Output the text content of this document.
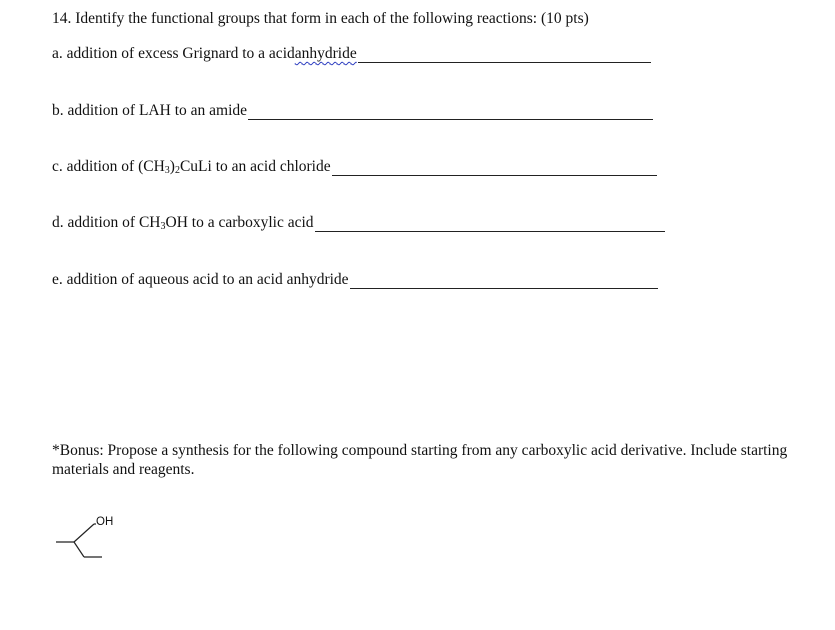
14. Identify the functional groups that form in each of the following reactions: (10 pts)
a. addition of excess Grignard to a acid anhydride
b. addition of LAH to an amide
c. addition of $(CH_3)_2CuLi$ to an acid chloride
d. addition of $CH_3OH$ to a carboxylic acid
e. addition of aqueous acid to an acid anhydride
*Bonus: Propose a synthesis for the following compound starting from any carboxylic acid derivative. Include starting materials and reagents.
OH
